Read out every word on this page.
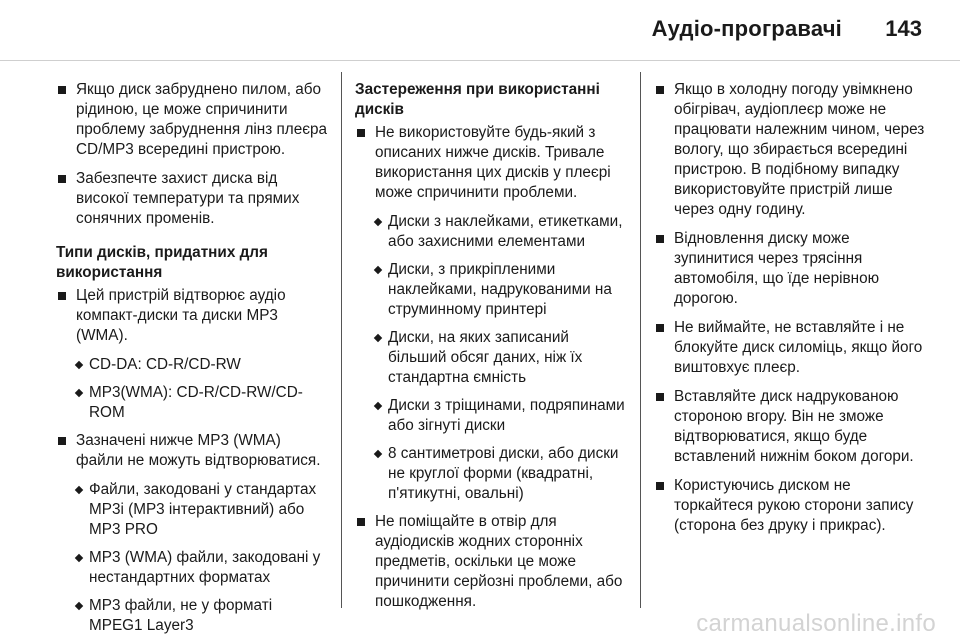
Аудіо-програвачі 143
Якщо диск забруднено пилом, або рідиною, це може спричинити проблему забруднення лінз плеєра CD/MP3 всередині пристрою.
Забезпечте захист диска від високої температури та прямих сонячних променів.
Типи дисків, придатних для використання
Цей пристрій відтворює аудіо компакт-диски та диски MP3 (WMA).
CD-DA: CD-R/CD-RW
MP3(WMA): CD-R/CD-RW/CD-ROM
Зазначені нижче MP3 (WMA) файли не можуть відтворюватися.
Файли, закодовані у стандартах MP3i (MP3 інтерактивний) або MP3 PRO
MP3 (WMA) файли, закодовані у нестандартних форматах
MP3 файли, не у форматі MPEG1 Layer3
Застереження при використанні дисків
Не використовуйте будь-який з описаних нижче дисків. Тривале використання цих дисків у плеєрі може спричинити проблеми.
Диски з наклейками, етикетками, або захисними елементами
Диски, з прикріпленими наклейками, надрукованими на струминному принтері
Диски, на яких записаний більший обсяг даних, ніж їх стандартна ємність
Диски з тріщинами, подряпинами або зігнуті диски
8 сантиметрові диски, або диски не круглої форми (квадратні, п'ятикутні, овальні)
Не поміщайте в отвір для аудіодисків жодних сторонніх предметів, оскільки це може причинити серйозні проблеми, або пошкодження.
Якщо в холодну погоду увімкнено обігрівач, аудіоплеєр може не працювати належним чином, через вологу, що збирається всередині пристрою. В подібному випадку використовуйте пристрій лише через одну годину.
Відновлення диску може зупинитися через трясіння автомобіля, що їде нерівною дорогою.
Не виймайте, не вставляйте і не блокуйте диск силоміць, якщо його виштовхує плеєр.
Вставляйте диск надрукованою стороною вгору. Він не зможе відтворюватися, якщо буде вставлений нижнім боком догори.
Користуючись диском не торкайтеся рукою сторони запису (сторона без друку і прикрас).
carmanualsonline.info
